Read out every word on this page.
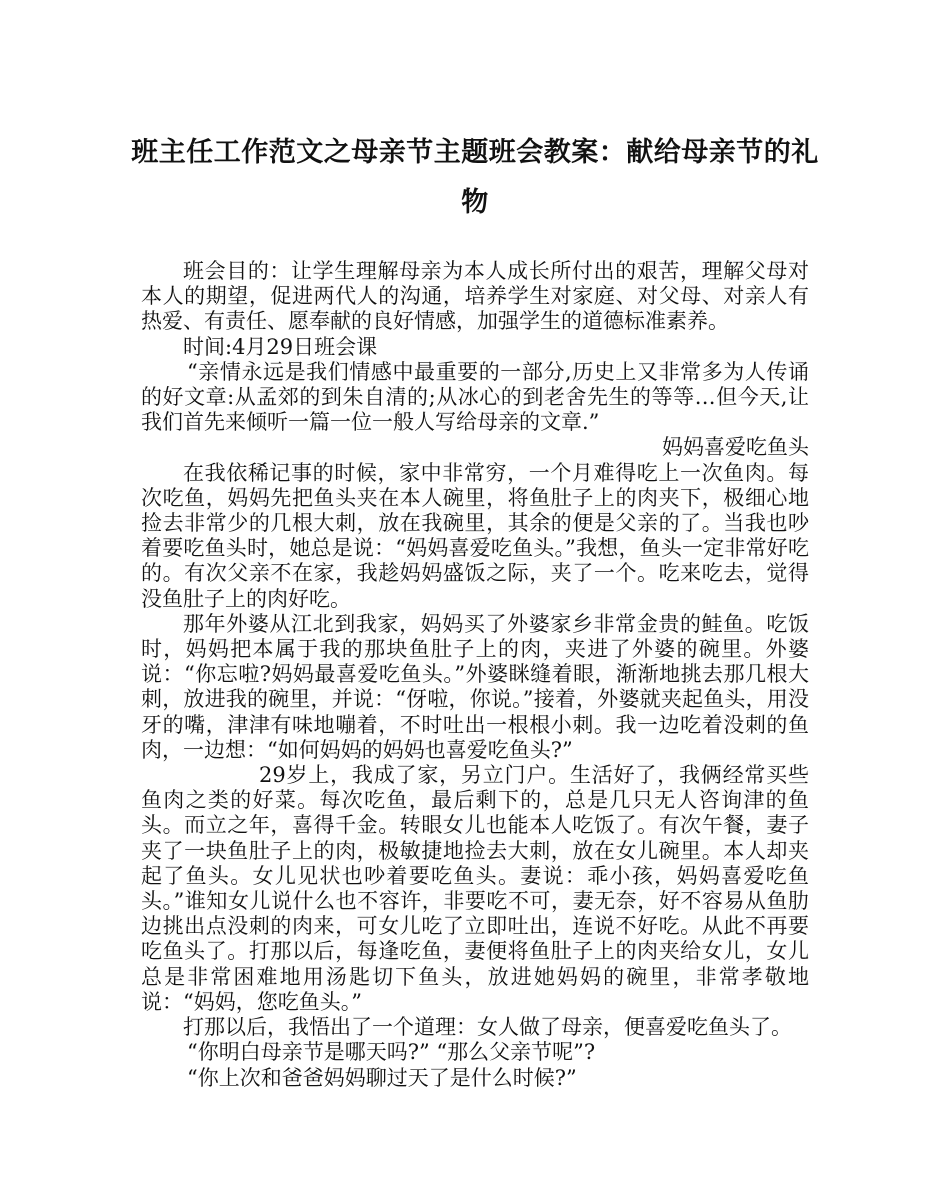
班主任工作范文之母亲节主题班会教案：献给母亲节的礼物

班会目的：让学生理解母亲为本人成长所付出的艰苦，理解父母对本人的期望，促进两代人的沟通，培养学生对家庭、对父母、对亲人有热爱、有责任、愿奉献的良好情感，加强学生的道德标准素养。

时间:4月29日班会课

“亲情永远是我们情感中最重要的一部分,历史上又非常多为人传诵的好文章:从孟郊的到朱自清的;从冰心的到老舍先生的等等…但今天,让我们首先来倾听一篇一位一般人写给母亲的文章.”

妈妈喜爱吃鱼头

在我依稀记事的时候，家中非常穷，一个月难得吃上一次鱼肉。每次吃鱼，妈妈先把鱼头夹在本人碗里，将鱼肚子上的肉夹下，极细心地捡去非常少的几根大刺，放在我碗里，其余的便是父亲的了。当我也吵着要吃鱼头时，她总是说：“妈妈喜爱吃鱼头。”我想，鱼头一定非常好吃的。有次父亲不在家，我趁妈妈盛饭之际，夹了一个。吃来吃去，觉得没鱼肚子上的肉好吃。

那年外婆从江北到我家，妈妈买了外婆家乡非常金贵的鲑鱼。吃饭时，妈妈把本属于我的那块鱼肚子上的肉，夹进了外婆的碗里。外婆说：“你忘啦?妈妈最喜爱吃鱼头。”外婆眯缝着眼，渐渐地挑去那几根大刺，放进我的碗里，并说：“伢啦，你说。”接着，外婆就夹起鱼头，用没牙的嘴，津津有味地嘣着，不时吐出一根根小刺。我一边吃着没刺的鱼肉，一边想：“如何妈妈的妈妈也喜爱吃鱼头?”

29岁上，我成了家，另立门户。生活好了，我俩经常买些鱼肉之类的好菜。每次吃鱼，最后剩下的，总是几只无人咨询津的鱼头。而立之年，喜得千金。转眼女儿也能本人吃饭了。有次午餐，妻子夹了一块鱼肚子上的肉，极敏捷地捡去大刺，放在女儿碗里。本人却夹起了鱼头。女儿见状也吵着要吃鱼头。妻说：乖小孩，妈妈喜爱吃鱼头。”谁知女儿说什么也不容许，非要吃不可，妻无奈，好不容易从鱼肋边挑出点没刺的肉来，可女儿吃了立即吐出，连说不好吃。从此不再要吃鱼头了。打那以后，每逢吃鱼，妻便将鱼肚子上的肉夹给女儿，女儿总是非常困难地用汤匙切下鱼头，放进她妈妈的碗里，非常孝敬地说：“妈妈，您吃鱼头。”

打那以后，我悟出了一个道理：女人做了母亲，便喜爱吃鱼头了。

“你明白母亲节是哪天吗?” “那么父亲节呢”?

“你上次和爸爸妈妈聊过天了是什么时候?”
